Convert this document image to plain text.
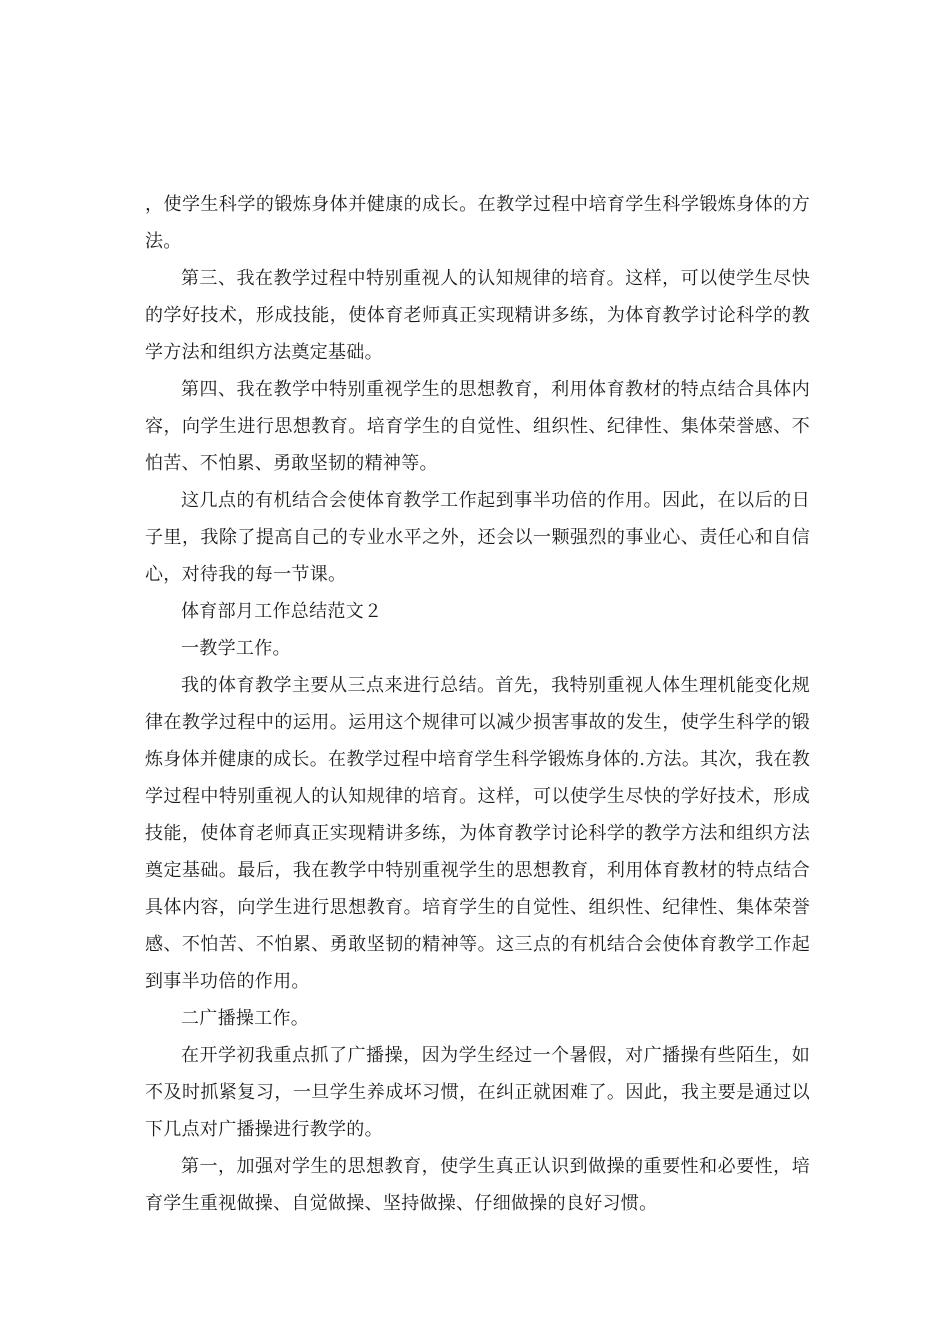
，使学生科学的锻炼身体并健康的成长。在教学过程中培育学生科学锻炼身体的方法。

第三、我在教学过程中特别重视人的认知规律的培育。这样，可以使学生尽快的学好技术，形成技能，使体育老师真正实现精讲多练，为体育教学讨论科学的教学方法和组织方法奠定基础。

第四、我在教学中特别重视学生的思想教育，利用体育教材的特点结合具体内容，向学生进行思想教育。培育学生的自觉性、组织性、纪律性、集体荣誉感、不怕苦、不怕累、勇敢坚韧的精神等。

这几点的有机结合会使体育教学工作起到事半功倍的作用。因此，在以后的日子里，我除了提高自己的专业水平之外，还会以一颗强烈的事业心、责任心和自信心，对待我的每一节课。

体育部月工作总结范文２

一教学工作。

我的体育教学主要从三点来进行总结。首先，我特别重视人体生理机能变化规律在教学过程中的运用。运用这个规律可以减少损害事故的发生，使学生科学的锻炼身体并健康的成长。在教学过程中培育学生科学锻炼身体的.方法。其次，我在教学过程中特别重视人的认知规律的培育。这样，可以使学生尽快的学好技术，形成技能，使体育老师真正实现精讲多练，为体育教学讨论科学的教学方法和组织方法奠定基础。最后，我在教学中特别重视学生的思想教育，利用体育教材的特点结合具体内容，向学生进行思想教育。培育学生的自觉性、组织性、纪律性、集体荣誉感、不怕苦、不怕累、勇敢坚韧的精神等。这三点的有机结合会使体育教学工作起到事半功倍的作用。

二广播操工作。

在开学初我重点抓了广播操，因为学生经过一个暑假，对广播操有些陌生，如不及时抓紧复习，一旦学生养成坏习惯，在纠正就困难了。因此，我主要是通过以下几点对广播操进行教学的。

第一，加强对学生的思想教育，使学生真正认识到做操的重要性和必要性，培育学生重视做操、自觉做操、坚持做操、仔细做操的良好习惯。
